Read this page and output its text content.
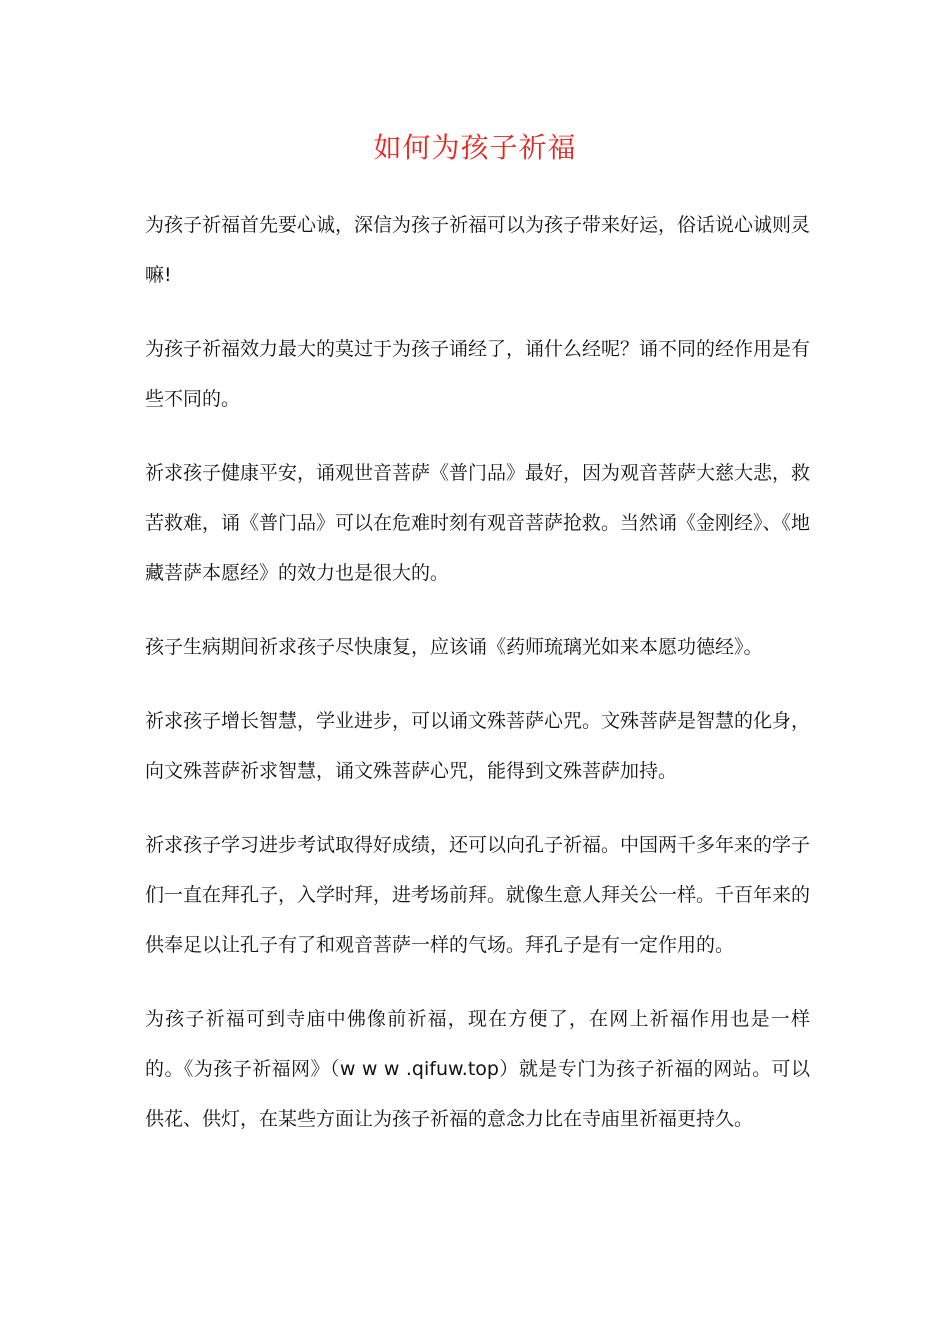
如何为孩子祈福

为孩子祈福首先要心诚，深信为孩子祈福可以为孩子带来好运，俗话说心诚则灵嘛!

为孩子祈福效力最大的莫过于为孩子诵经了，诵什么经呢？诵不同的经作用是有些不同的。

祈求孩子健康平安，诵观世音菩萨《普门品》最好，因为观音菩萨大慈大悲，救苦救难，诵《普门品》可以在危难时刻有观音菩萨抢救。当然诵《金刚经》、《地藏菩萨本愿经》的效力也是很大的。

孩子生病期间祈求孩子尽快康复，应该诵《药师琉璃光如来本愿功德经》。

祈求孩子增长智慧，学业进步，可以诵文殊菩萨心咒。文殊菩萨是智慧的化身，向文殊菩萨祈求智慧，诵文殊菩萨心咒，能得到文殊菩萨加持。

祈求孩子学习进步考试取得好成绩，还可以向孔子祈福。中国两千多年来的学子们一直在拜孔子，入学时拜，进考场前拜。就像生意人拜关公一样。千百年来的供奉足以让孔子有了和观音菩萨一样的气场。拜孔子是有一定作用的。

为孩子祈福可到寺庙中佛像前祈福，现在方便了，在网上祈福作用也是一样的。《为孩子祈福网》（w w w .qifuw.top）就是专门为孩子祈福的网站。可以供花、供灯，在某些方面让为孩子祈福的意念力比在寺庙里祈福更持久。
